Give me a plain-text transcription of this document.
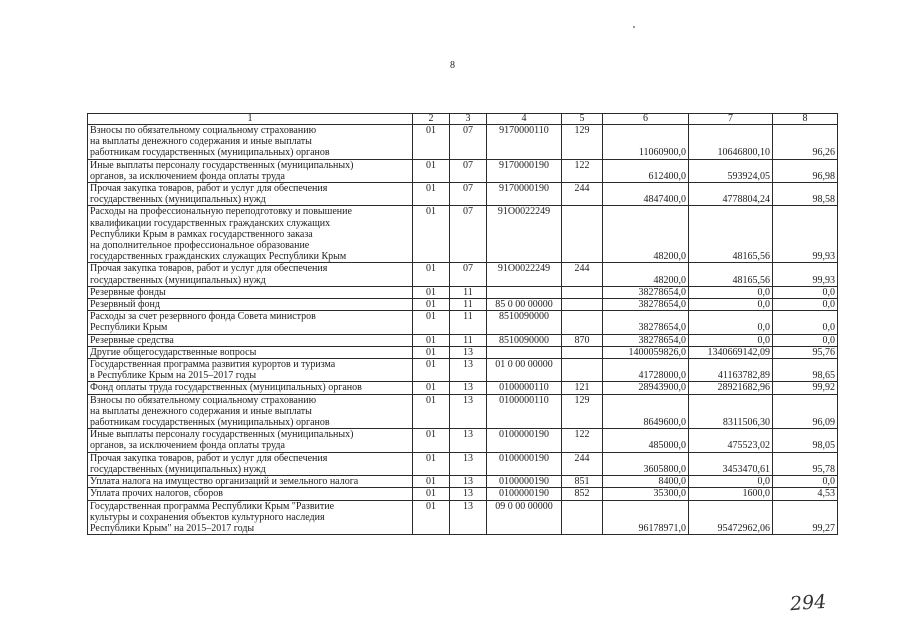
8
1	2	3	4	5	6	7	8

Взносы по обязательному социальному страхованию
на выплаты денежного содержания и иные выплаты
работникам государственных (муниципальных) органов	01	07	9170000110	129	11060900,0	10646800,10	96,26

Иные выплаты персоналу государственных (муниципальных)
органов, за исключением фонда оплаты труда	01	07	9170000190	122	612400,0	593924,05	96,98

Прочая закупка товаров, работ и услуг для обеспечения
государственных (муниципальных) нужд	01	07	9170000190	244	4847400,0	4778804,24	98,58

Расходы на профессиональную переподготовку и повышение
квалификации государственных гражданских служащих
Республики Крым в рамках государственного заказа
на дополнительное профессиональное образование
государственных гражданских служащих Республики Крым	01	07	91О0022249		48200,0	48165,56	99,93

Прочая закупка товаров, работ и услуг для обеспечения
государственных (муниципальных) нужд	01	07	91О0022249	244	48200,0	48165,56	99,93

Резервные фонды	01	11			38278654,0	0,0	0,0

Резервный фонд	01	11	85 0 00 00000		38278654,0	0,0	0,0

Расходы за счет резервного фонда Совета министров
Республики Крым	01	11	8510090000		38278654,0	0,0	0,0

Резервные средства	01	11	8510090000	870	38278654,0	0,0	0,0

Другие общегосударственные вопросы	01	13			1400059826,0	1340669142,09	95,76

Государственная программа развития курортов и туризма
в Республике Крым на 2015–2017 годы	01	13	01 0 00 00000		41728000,0	41163782,89	98,65

Фонд оплаты труда государственных (муниципальных) органов	01	13	0100000110	121	28943900,0	28921682,96	99,92

Взносы по обязательному социальному страхованию
на выплаты денежного содержания и иные выплаты
работникам государственных (муниципальных) органов	01	13	0100000110	129	8649600,0	8311506,30	96,09

Иные выплаты персоналу государственных (муниципальных)
органов, за исключением фонда оплаты труда	01	13	0100000190	122	485000,0	475523,02	98,05

Прочая закупка товаров, работ и услуг для обеспечения
государственных (муниципальных) нужд	01	13	0100000190	244	3605800,0	3453470,61	95,78

Уплата налога на имущество организаций и земельного налога	01	13	0100000190	851	8400,0	0,0	0,0

Уплата прочих налогов, сборов	01	13	0100000190	852	35300,0	1600,0	4,53

Государственная программа Республики Крым "Развитие
культуры и сохранения объектов культурного наследия
Республики Крым" на 2015–2017 годы	01	13	09 0 00 00000		96178971,0	95472962,06	99,27
294
